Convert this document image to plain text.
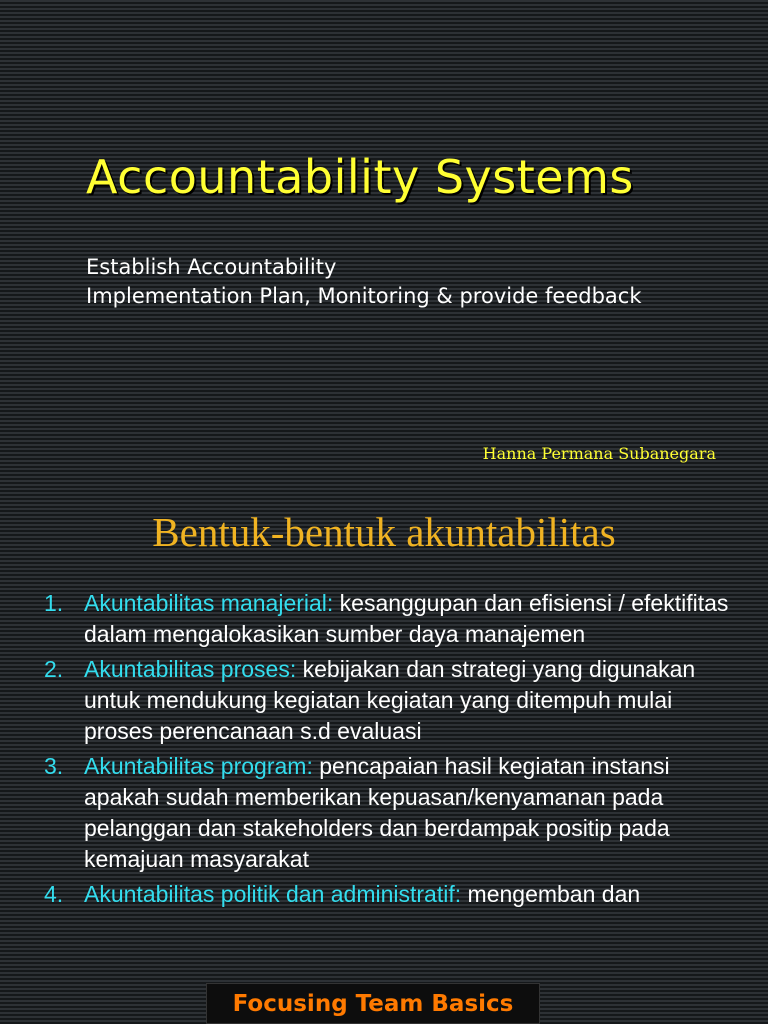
Accountability Systems
Establish Accountability
Implementation Plan, Monitoring & provide feedback
Hanna Permana Subanegara
Bentuk-bentuk akuntabilitas
1. Akuntabilitas manajerial: kesanggupan dan efisiensi / efektifitas dalam mengalokasikan sumber daya manajemen
2. Akuntabilitas proses: kebijakan dan strategi yang digunakan untuk mendukung kegiatan kegiatan yang ditempuh mulai proses perencanaan s.d evaluasi
3. Akuntabilitas program: pencapaian hasil kegiatan instansi apakah sudah memberikan kepuasan/kenyamanan pada pelanggan dan stakeholders dan berdampak positip pada kemajuan masyarakat
4. Akuntabilitas politik dan administratif: mengemban dan
Focusing Team Basics
